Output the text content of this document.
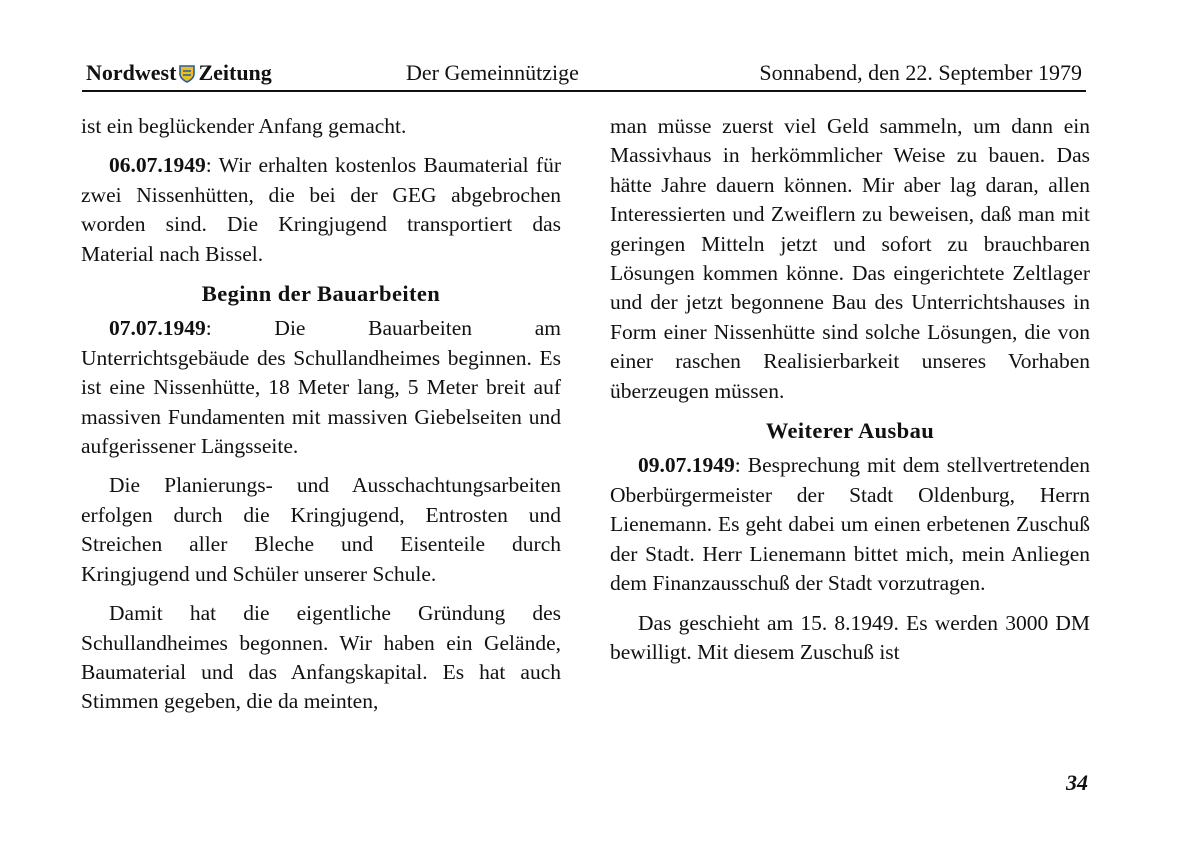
Nordwest Zeitung	Der Gemeinnützige	Sonnabend, den 22. September 1979

ist ein beglückender Anfang gemacht.

06.07.1949: Wir erhalten kostenlos Baumaterial für zwei Nissenhütten, die bei der GEG abgebrochen worden sind. Die Kringjugend transportiert das Material nach Bissel.

Beginn der Bauarbeiten

07.07.1949: Die Bauarbeiten am Unterrichtsgebäude des Schullandheimes beginnen. Es ist eine Nissenhütte, 18 Meter lang, 5 Meter breit auf massiven Fundamenten mit massiven Giebelseiten und aufgerissener Längsseite.

Die Planierungs- und Ausschachtungsarbeiten erfolgen durch die Kringjugend, Entrosten und Streichen aller Bleche und Eisenteile durch Kringjugend und Schüler unserer Schule.

Damit hat die eigentliche Gründung des Schullandheimes begonnen. Wir haben ein Gelände, Baumaterial und das Anfangskapital. Es hat auch Stimmen gegeben, die da meinten,

man müsse zuerst viel Geld sammeln, um dann ein Massivhaus in herkömmlicher Weise zu bauen. Das hätte Jahre dauern können. Mir aber lag daran, allen Interessierten und Zweiflern zu beweisen, daß man mit geringen Mitteln jetzt und sofort zu brauchbaren Lösungen kommen könne. Das eingerichtete Zeltlager und der jetzt begonnene Bau des Unterrichtshauses in Form einer Nissenhütte sind solche Lösungen, die von einer raschen Realisierbarkeit unseres Vorhaben überzeugen müssen.

Weiterer Ausbau

09.07.1949: Besprechung mit dem stellvertretenden Oberbürgermeister der Stadt Oldenburg, Herrn Lienemann. Es geht dabei um einen erbetenen Zuschuß der Stadt. Herr Lienemann bittet mich, mein Anliegen dem Finanzausschuß der Stadt vorzutragen.

Das geschieht am 15. 8.1949. Es werden 3000 DM bewilligt. Mit diesem Zuschuß ist

34
